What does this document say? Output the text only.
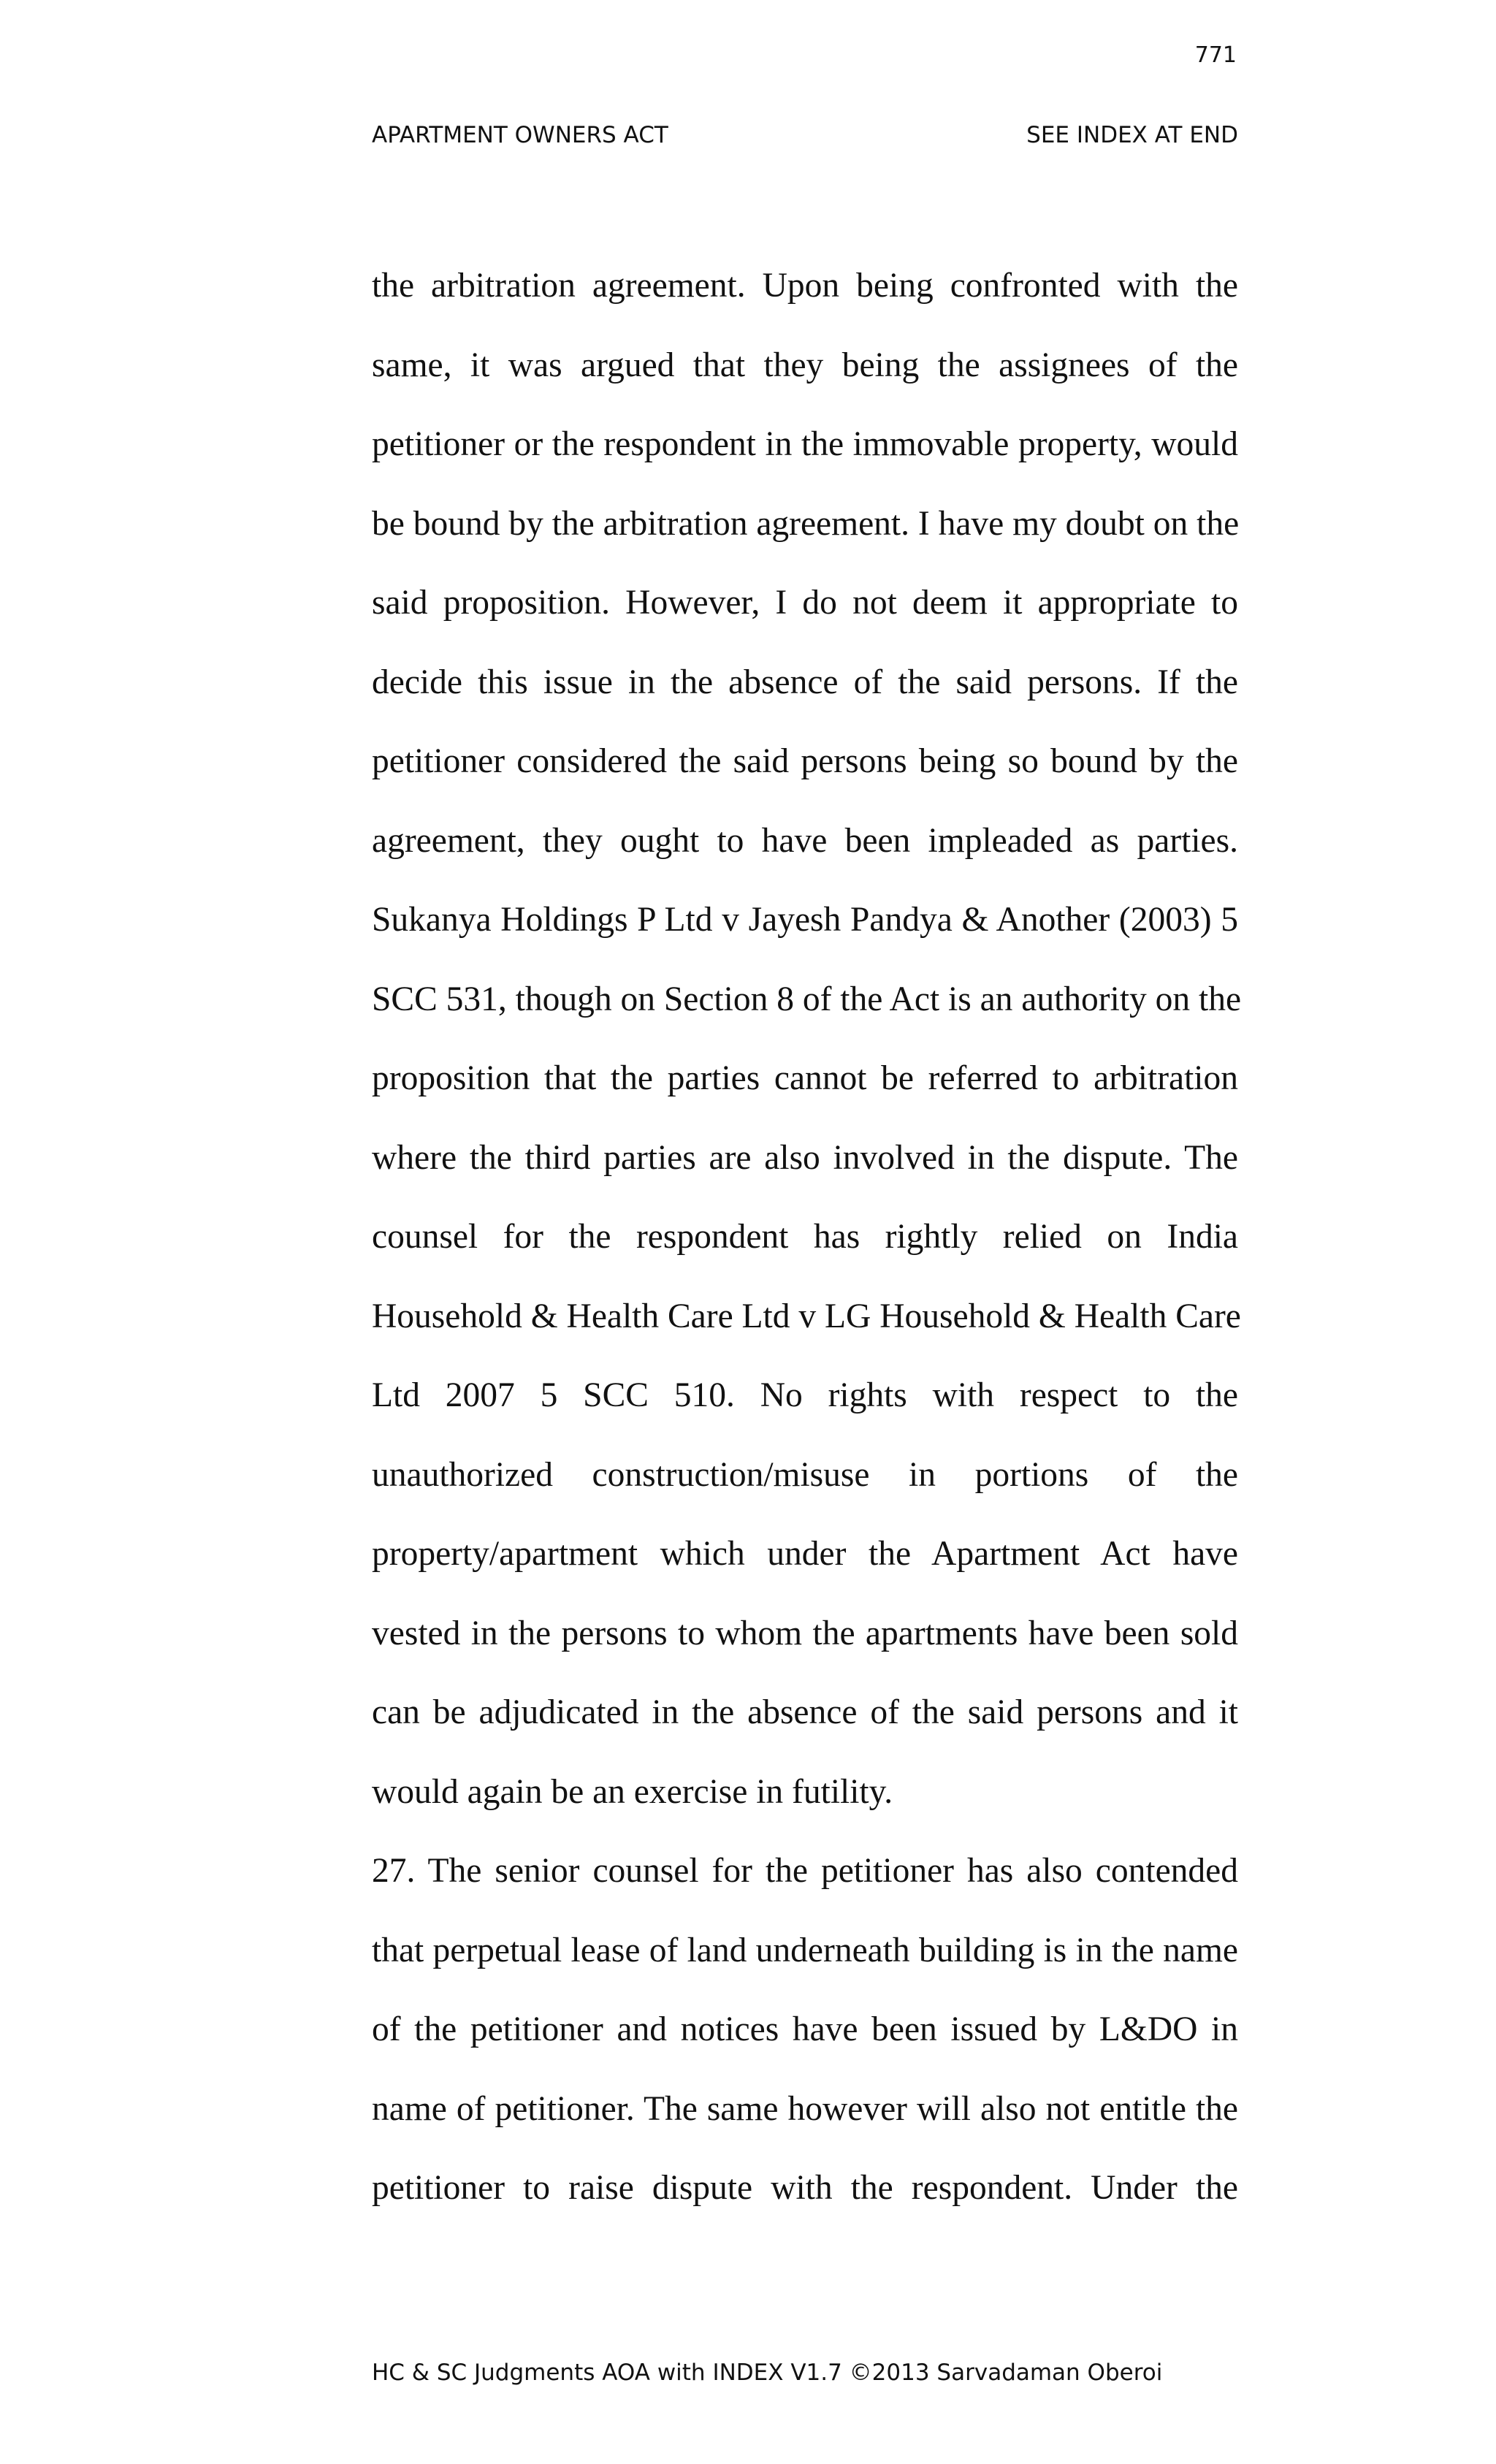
771
APARTMENT OWNERS ACT	SEE INDEX AT END
the arbitration agreement. Upon being confronted with the
same, it was argued that they being the assignees of the
petitioner or the respondent in the immovable property, would
be bound by the arbitration agreement. I have my doubt on the
said proposition. However, I do not deem it appropriate to
decide this issue in the absence of the said persons. If the
petitioner considered the said persons being so bound by the
agreement, they ought to have been impleaded as parties.
Sukanya Holdings P Ltd v Jayesh Pandya & Another (2003) 5
SCC 531, though on Section 8 of the Act is an authority on the
proposition that the parties cannot be referred to arbitration
where the third parties are also involved in the dispute. The
counsel for the respondent has rightly relied on India
Household & Health Care Ltd v LG Household & Health Care
Ltd 2007 5 SCC 510. No rights with respect to the
unauthorized construction/misuse in portions of the
property/apartment which under the Apartment Act have
vested in the persons to whom the apartments have been sold
can be adjudicated in the absence of the said persons and it
would again be an exercise in futility.
27. The senior counsel for the petitioner has also contended
that perpetual lease of land underneath building is in the name
of the petitioner and notices have been issued by L&DO in
name of petitioner. The same however will also not entitle the
petitioner to raise dispute with the respondent. Under the
HC & SC Judgments AOA with INDEX V1.7 ©2013 Sarvadaman Oberoi
